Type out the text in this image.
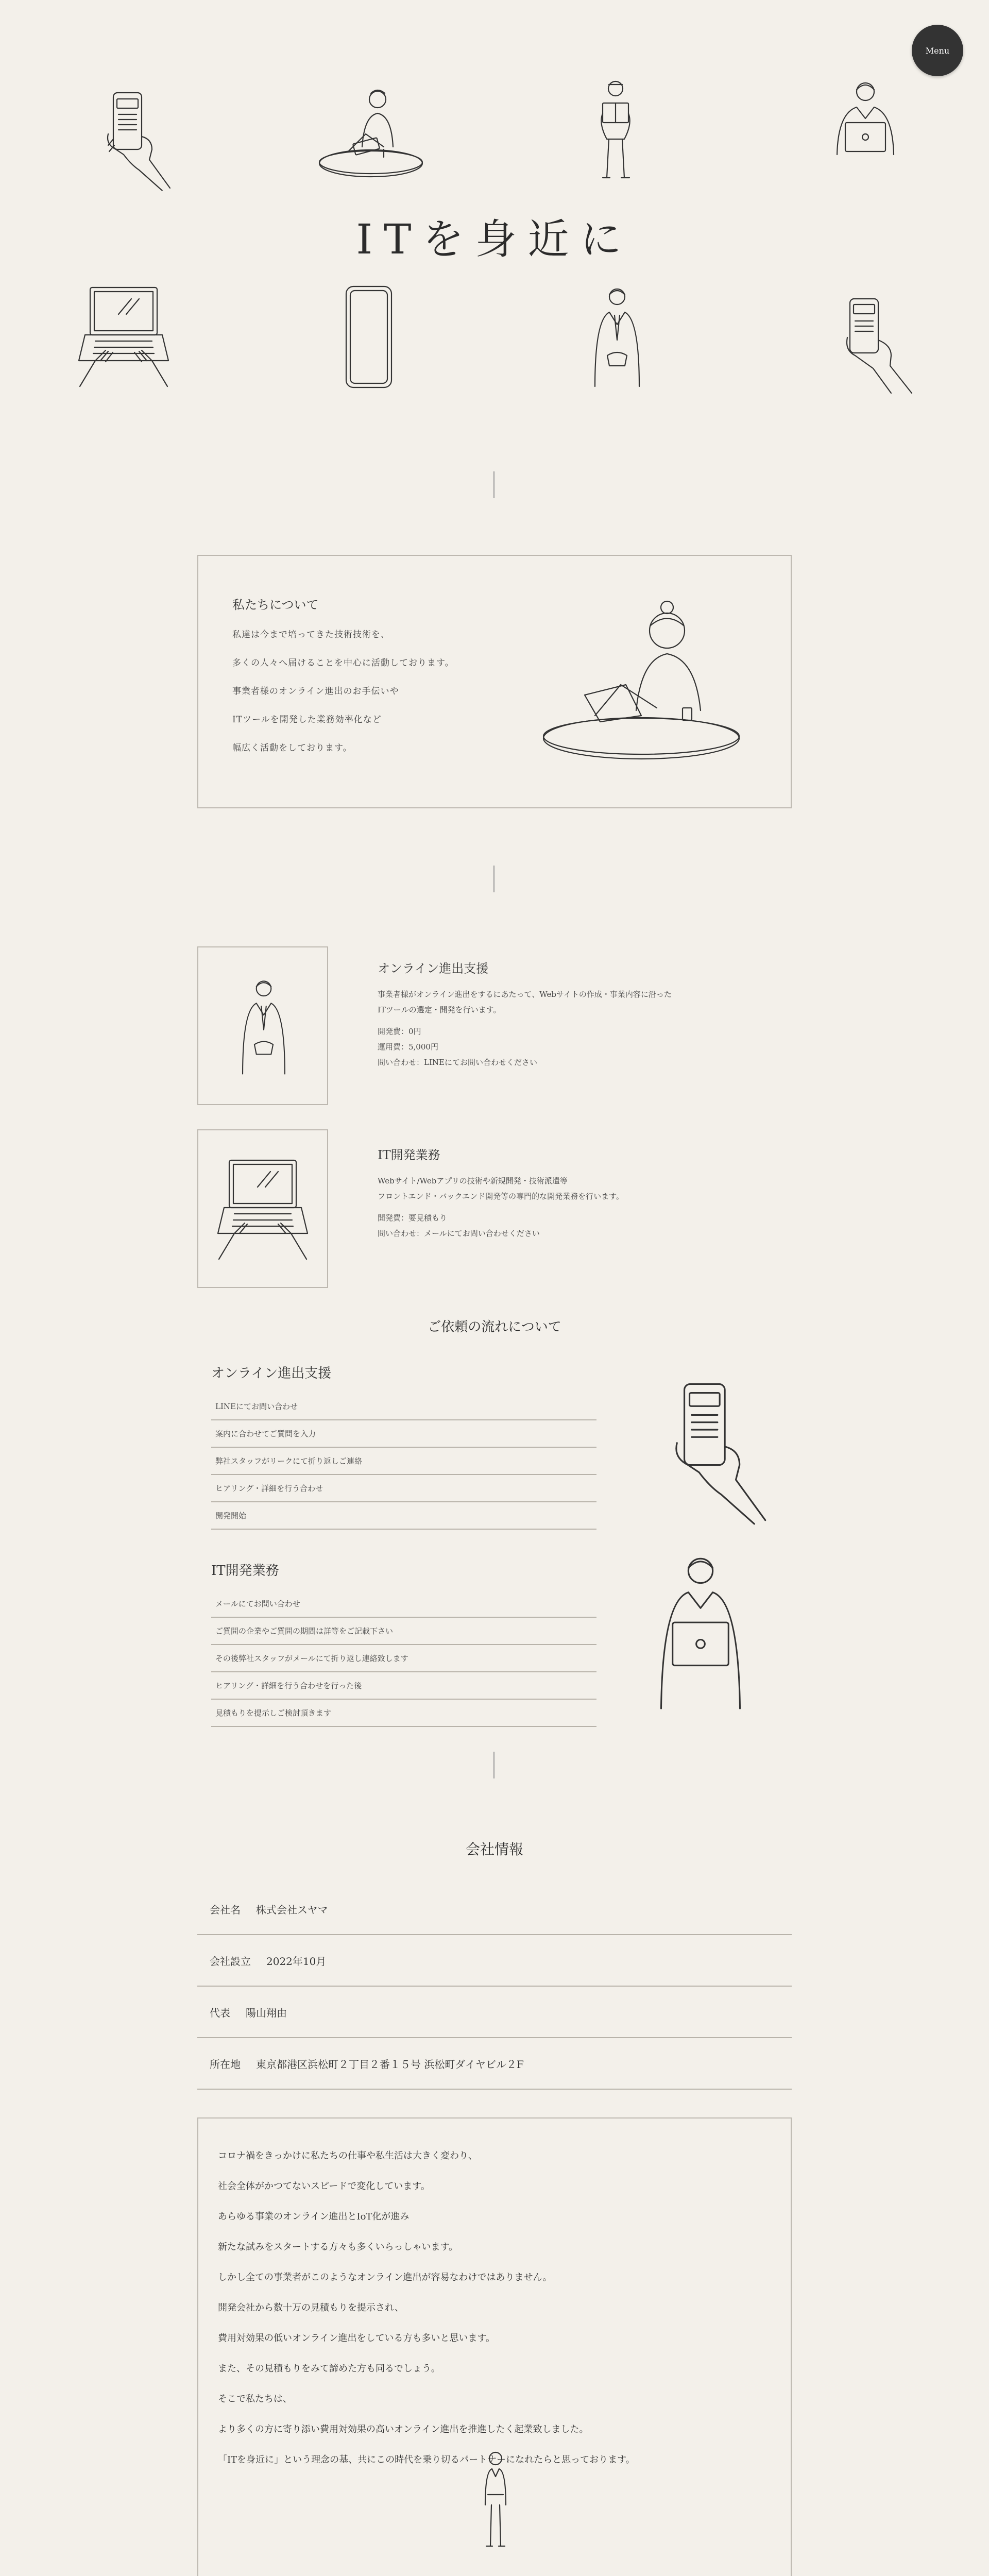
Menu
ITを身近に
私たちについて

私達は今まで培ってきた技術技術を、

多くの人々へ届けることを中心に活動しております。

事業者様のオンライン進出のお手伝いや

ITツールを開発した業務効率化など

幅広く活動をしております。

オンライン進出支援

事業者様がオンライン進出をするにあたって、Webサイトの作成・事業内容に沿った

ITツールの選定・開発を行います。

開発費：0円

運用費：5,000円

問い合わせ：LINEにてお問い合わせください

IT開発業務

Webサイト/Webアプリの技術や新規開発・技術派遣等

フロントエンド・バックエンド開発等の専門的な開発業務を行います。

開発費：要見積もり

問い合わせ：メールにてお問い合わせください

ご依頼の流れについて
オンライン進出支援
LINEにてお問い合わせ
案内に合わせてご質問を入力
弊社スタッフがリークにて折り返しご連絡
ヒアリング・詳細を行う合わせ
開発開始
IT開発業務
メールにてお問い合わせ
ご質問の企業やご質問の期間は詳等をご記載下さい
その後弊社スタッフがメールにて折り返し連絡致します
ヒアリング・詳細を行う合わせを行った後
見積もりを提示しご検討頂きます
会社情報
会社名 株式会社スヤマ
会社設立 2022年10月
代表 陽山翔由
所在地 東京都港区浜松町２丁目２番１５号 浜松町ダイヤビル２F

コロナ禍をきっかけに私たちの仕事や私生活は大きく変わり、

社会全体がかつてないスピードで変化しています。

あらゆる事業のオンライン進出とIoT化が進み

新たな試みをスタートする方々も多くいらっしゃいます。

しかし全ての事業者がこのようなオンライン進出が容易なわけではありません。

開発会社から数十万の見積もりを提示され、

費用対効果の低いオンライン進出をしている方も多いと思います。

また、その見積もりをみて諦めた方も同るでしょう。

そこで私たちは、

より多くの方に寄り添い費用対効果の高いオンライン進出を推進したく起業致しました。

「ITを身近に」という理念の基、共にこの時代を乗り切るパートナーになれたらと思っております。
